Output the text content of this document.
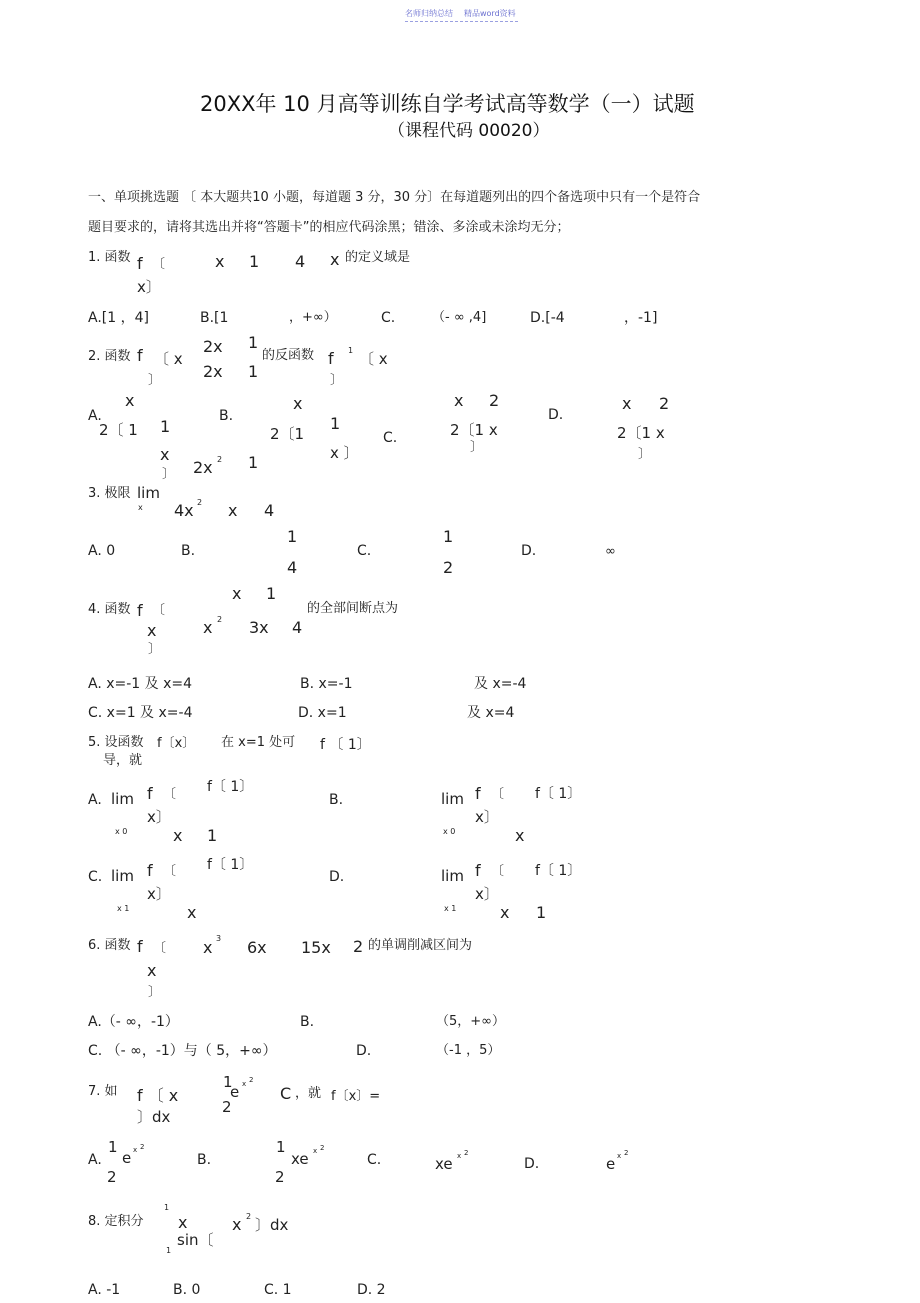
名师归纳总结 精品word资料
20XX年 10 月高等训练自学考试高等数学（一）试题
（课程代码 00020）
一、单项挑选题 〔 本大题共10 小题，每道题 3 分，30 分〕在每道题列出的四个备选项中只有一个是符合
题目要求的，请将其选出并将“答题卡”的相应代码涂黑；错涂、多涂或未涂均无分；
1. 函数 f 〔	x 1 4 x 的定义域是
x〕
A.[1 ，4]	B.[1	，+∞）	C.	（- ∞ ,4]	D.[-4	，-1]
2. 函数 f 〔 x
〕
2x 1
2x 1
的反函数 f 1 〔 x
〕
A.
x
2〔 1 1
x
〕 2x 2 1
B.
x
2〔1
1
x 〕
C.
x 2
2〔1 x
〕
D.
x 2
2〔1 x
〕
3. 极限 lim
x 4x 2 x 4
A. 0	B.
1
4
C.
1
2
D.	∞
4. 函数 f 〔
x
〕
x 1
x 2 3x 4
的全部间断点为
A. x=-1 及 x=4	B. x=-1	及 x=-4
C. x=1 及 x=-4	D. x=1	及 x=4
5. 设函数 f〔x〕 在 x=1 处可
导，就
f 〔 1〕
A. lim
x 0
f 〔
x〕
f〔 1〕
x 1
B.	lim
x 0
f 〔
x〕
f〔 1〕
x
C. lim
x 1
f 〔
x〕
f〔 1〕
x
D.	lim
x 1
f 〔
x〕
f〔 1〕
x 1
6. 函数 f 〔
x
〕
x 3 6x 15x 2 的单调削减区间为
A.（- ∞，-1）	B.	（5，+∞）
C. （- ∞，-1）与（ 5，+∞）	D.	（-1 ，5）
7. 如 f 〔 x
〕dx
1
e x 2
2
C ，就 f〔x〕=
A.
1
e x 2
2
B.
1
xe x 2
2
C.	xe x 2
D.	e x 2
8. 定积分
1
1
x
sin〔
x 2 〕dx
A. -1	B. 0	C. 1	D. 2
